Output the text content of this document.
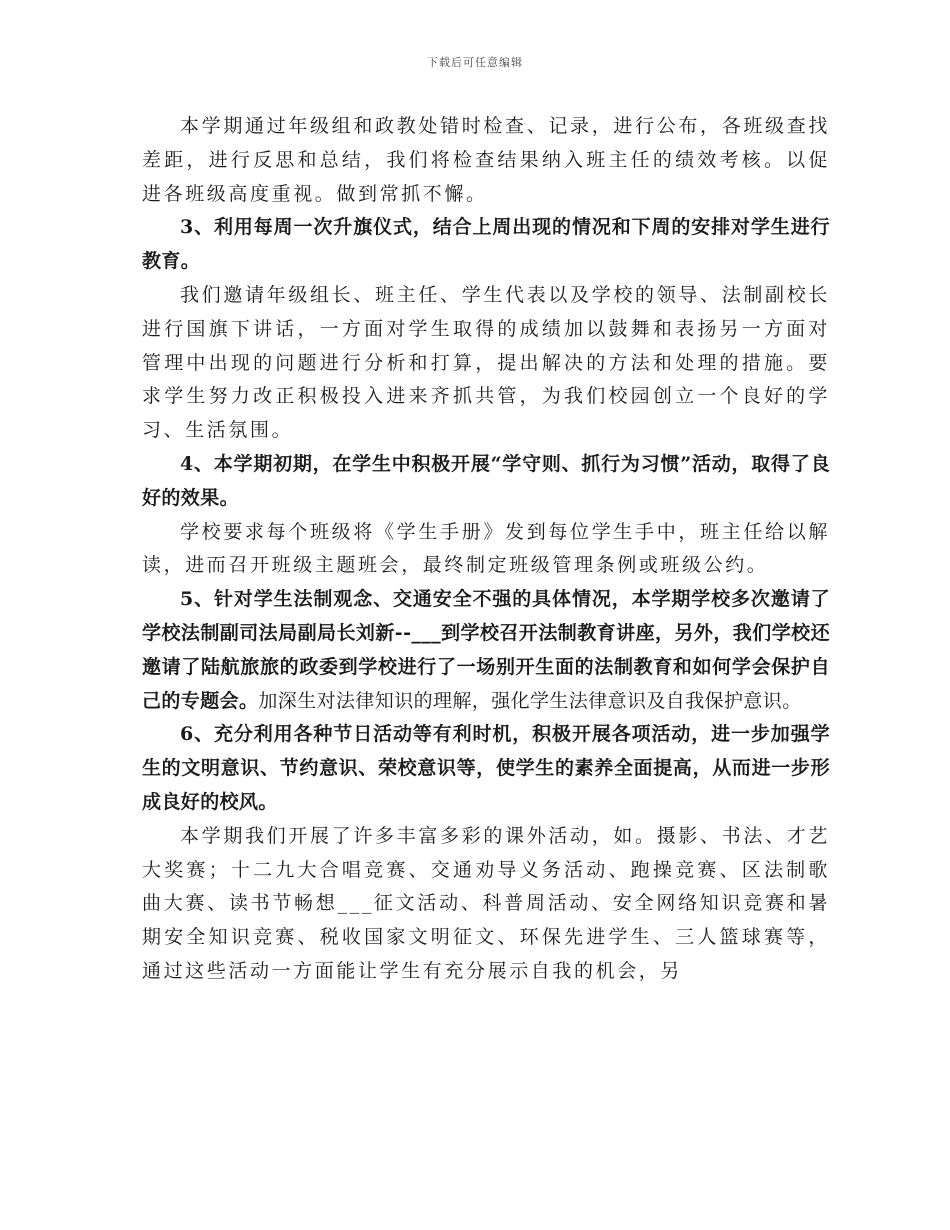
下载后可任意编辑

本学期通过年级组和政教处错时检查、记录，进行公布，各班级查找差距，进行反思和总结，我们将检查结果纳入班主任的绩效考核。以促进各班级高度重视。做到常抓不懈。

3、利用每周一次升旗仪式，结合上周出现的情况和下周的安排对学生进行教育。

我们邀请年级组长、班主任、学生代表以及学校的领导、法制副校长进行国旗下讲话，一方面对学生取得的成绩加以鼓舞和表扬另一方面对管理中出现的问题进行分析和打算，提出解决的方法和处理的措施。要求学生努力改正积极投入进来齐抓共管，为我们校园创立一个良好的学习、生活氛围。

4、本学期初期，在学生中积极开展“学守则、抓行为习惯”活动，取得了良好的效果。

学校要求每个班级将《学生手册》发到每位学生手中，班主任给以解读，进而召开班级主题班会，最终制定班级管理条例或班级公约。

5、针对学生法制观念、交通安全不强的具体情况，本学期学校多次邀请了学校法制副司法局副局长刘新--___到学校召开法制教育讲座，另外，我们学校还邀请了陆航旅旅的政委到学校进行了一场别开生面的法制教育和如何学会保护自己的专题会。加深生对法律知识的理解，强化学生法律意识及自我保护意识。

6、充分利用各种节日活动等有利时机，积极开展各项活动，进一步加强学生的文明意识、节约意识、荣校意识等，使学生的素养全面提高，从而进一步形成良好的校风。

本学期我们开展了许多丰富多彩的课外活动，如。摄影、书法、才艺大奖赛；十二九大合唱竞赛、交通劝导义务活动、跑操竞赛、区法制歌曲大赛、读书节畅想___征文活动、科普周活动、安全网络知识竞赛和暑期安全知识竞赛、税收国家文明征文、环保先进学生、三人篮球赛等，通过这些活动一方面能让学生有充分展示自我的机会，另
